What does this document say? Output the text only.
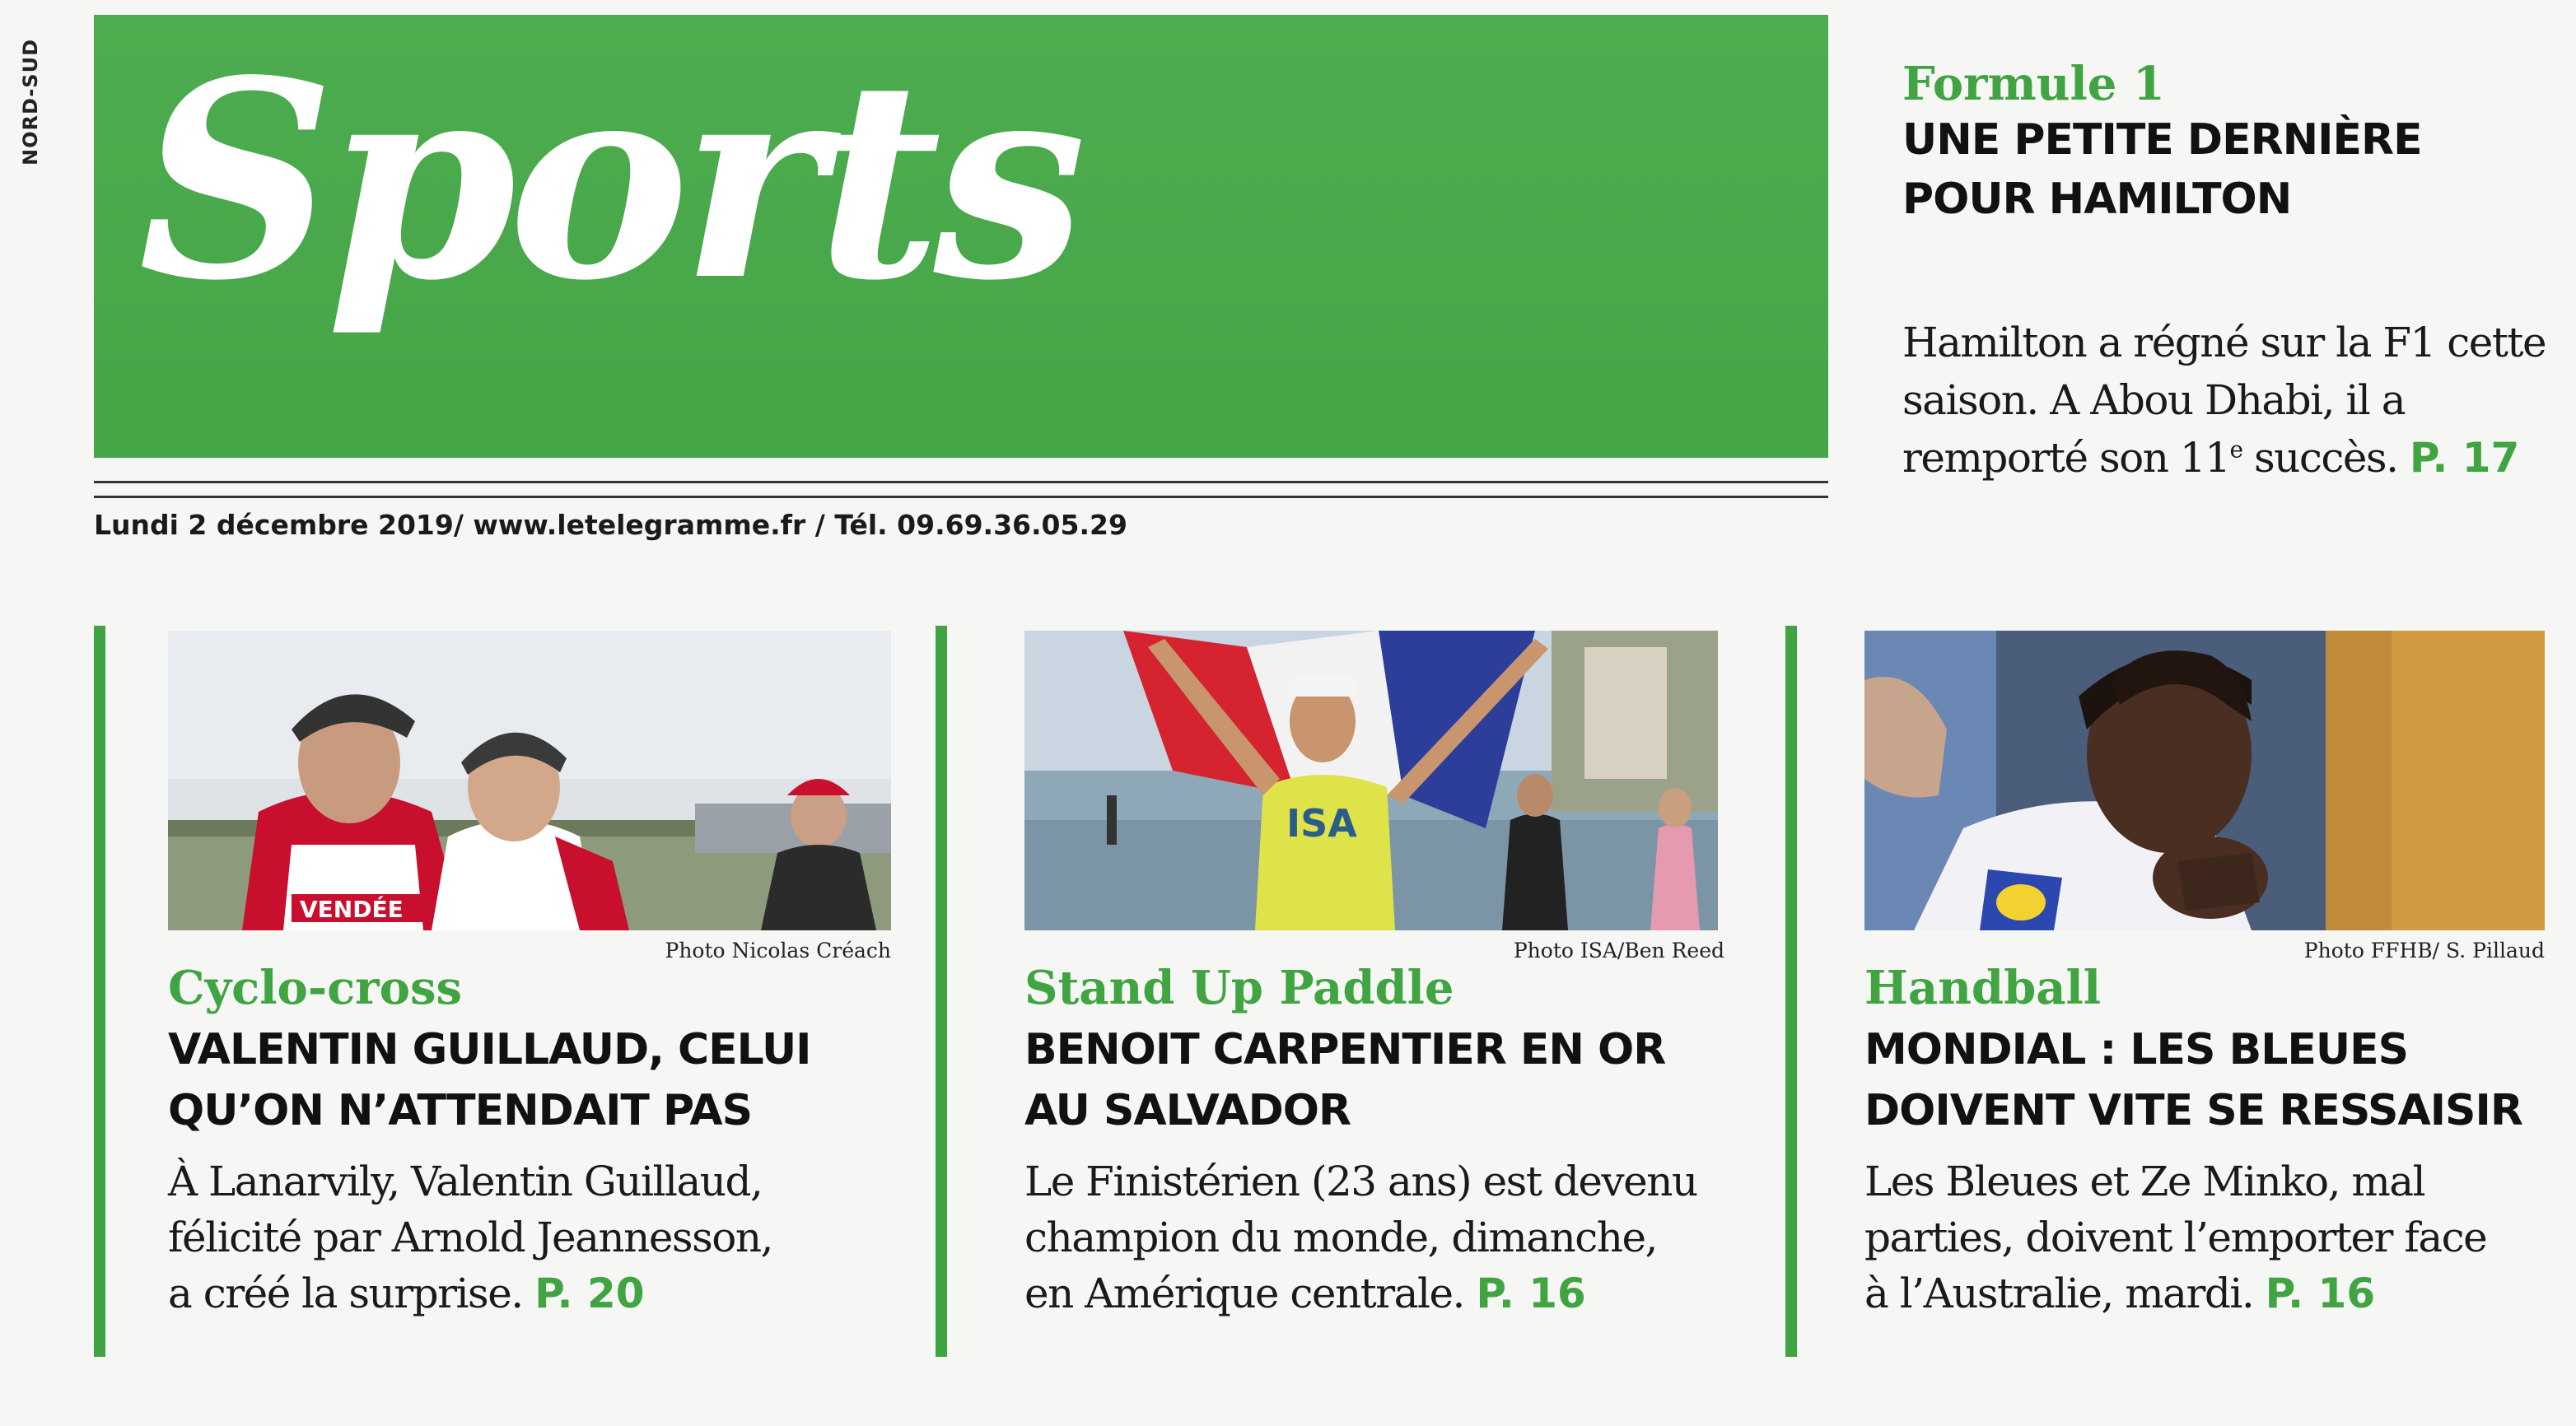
NORD-SUD Sports
Lundi 2 décembre 2019/ www.letelegramme.fr / Tél. 09.69.36.05.29
Formule 1
UNE PETITE DERNIÈRE
POUR HAMILTON
Hamilton a régné sur la F1 cette saison. A Abou Dhabi, il a remporté son 11e succès. P. 17
VENDÉE
Photo Nicolas Créach
Cyclo-cross
VALENTIN GUILLAUD, CELUI
QU’ON N’ATTENDAIT PAS
À Lanarvily, Valentin Guillaud,
félicité par Arnold Jeannesson,
a créé la surprise. P. 20
ISA
Photo ISA/Ben Reed
Stand Up Paddle
BENOIT CARPENTIER EN OR
AU SALVADOR
Le Finistérien (23 ans) est devenu
champion du monde, dimanche,
en Amérique centrale. P. 16
Photo FFHB/ S. Pillaud
Handball
MONDIAL : LES BLEUES
DOIVENT VITE SE RESSAISIR
Les Bleues et Ze Minko, mal
parties, doivent l’emporter face
à l’Australie, mardi. P. 16
